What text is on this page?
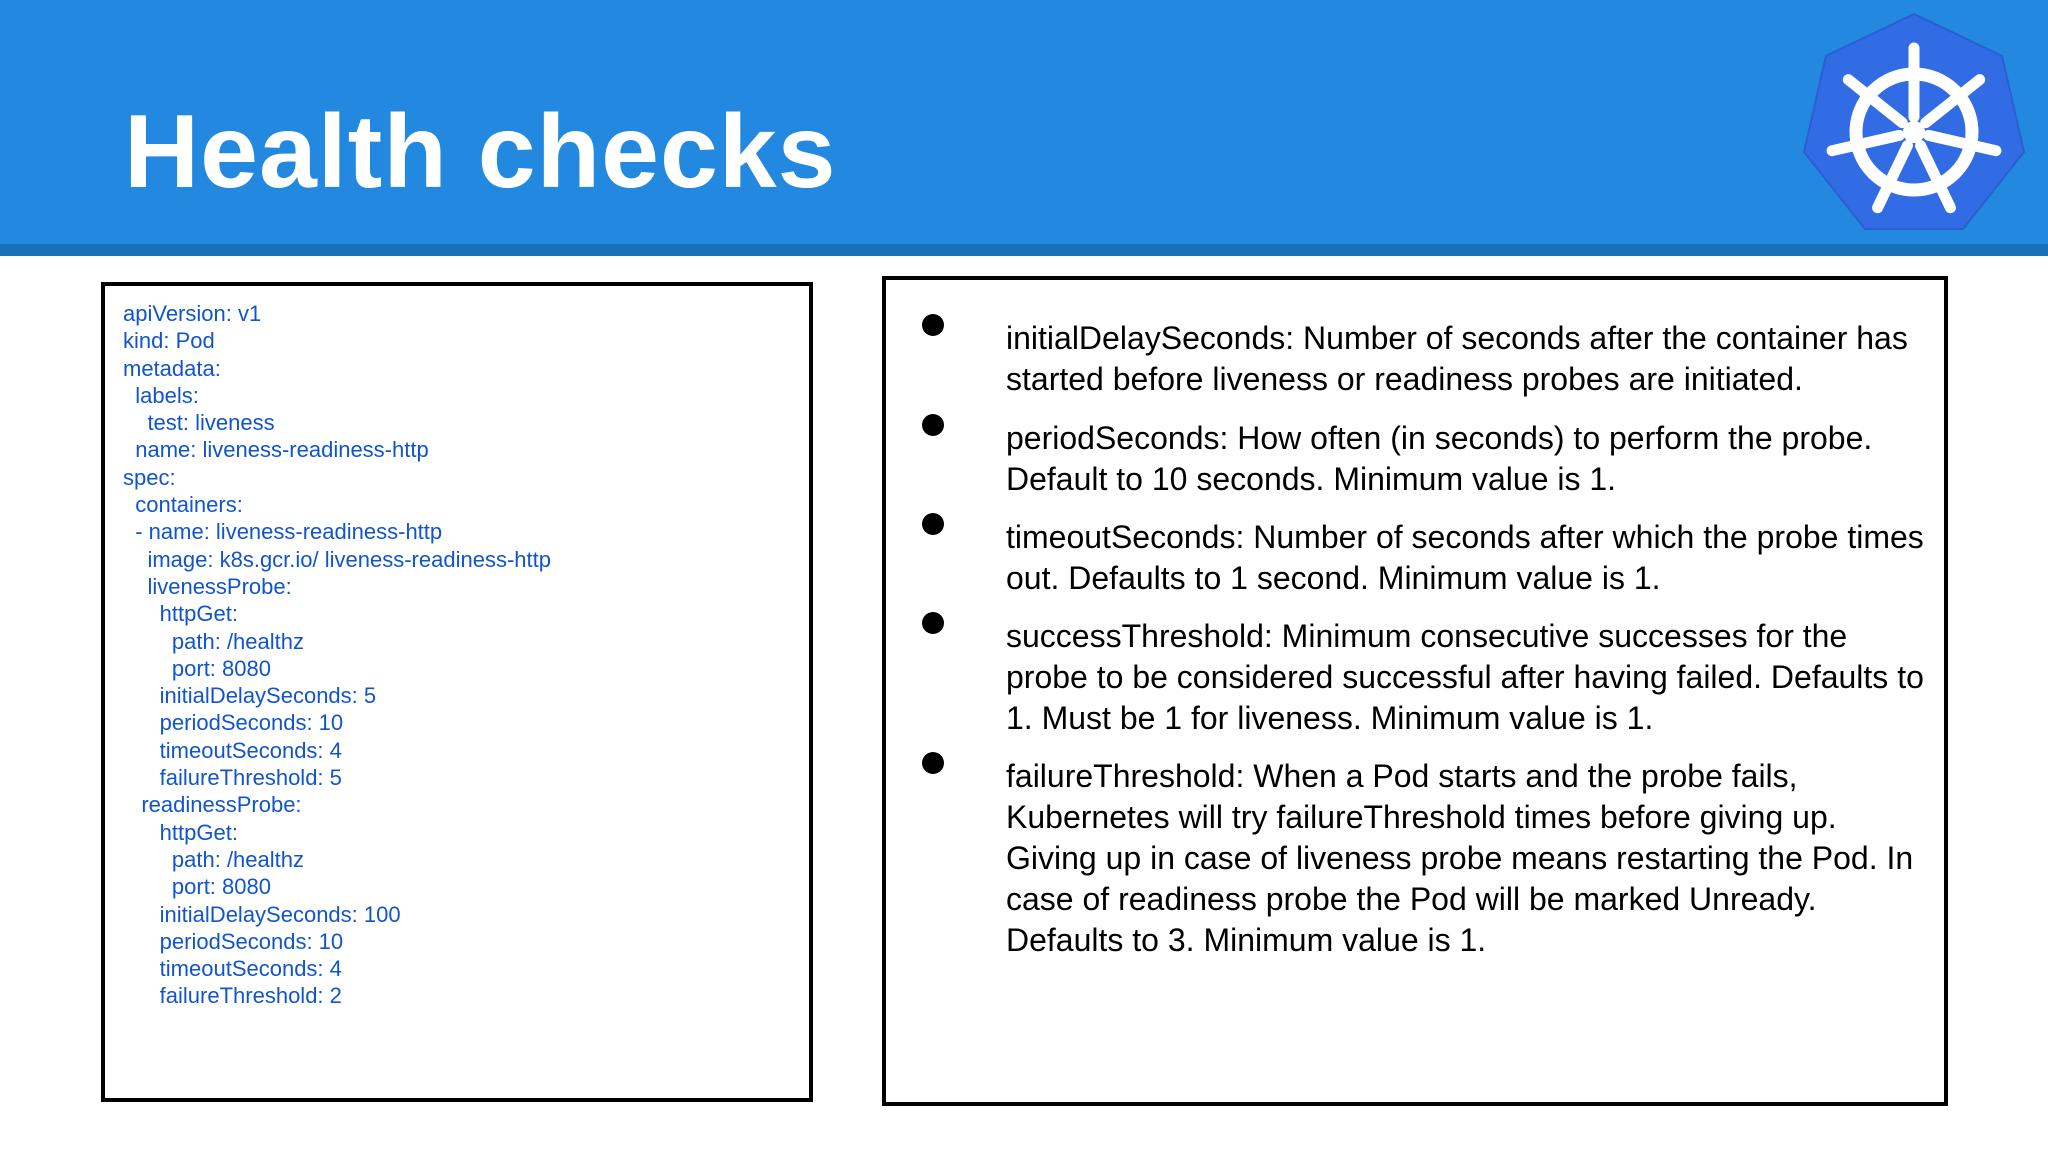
Health checks
apiVersion: v1
kind: Pod
metadata:
labels:
test: liveness
name: liveness-readiness-http
spec:
containers:
- name: liveness-readiness-http
image: k8s.gcr.io/ liveness-readiness-http
livenessProbe:
httpGet:
path: /healthz
port: 8080
initialDelaySeconds: 5
periodSeconds: 10
timeoutSeconds: 4
failureThreshold: 5
readinessProbe:
httpGet:
path: /healthz
port: 8080
initialDelaySeconds: 100
periodSeconds: 10
timeoutSeconds: 4
failureThreshold: 2
initialDelaySeconds: Number of seconds after the container has started before liveness or readiness probes are initiated.
periodSeconds: How often (in seconds) to perform the probe. Default to 10 seconds. Minimum value is 1.
timeoutSeconds: Number of seconds after which the probe times out. Defaults to 1 second. Minimum value is 1.
successThreshold: Minimum consecutive successes for the probe to be considered successful after having failed. Defaults to 1. Must be 1 for liveness. Minimum value is 1.
failureThreshold: When a Pod starts and the probe fails, Kubernetes will try failureThreshold times before giving up. Giving up in case of liveness probe means restarting the Pod. In case of readiness probe the Pod will be marked Unready. Defaults to 3. Minimum value is 1.
